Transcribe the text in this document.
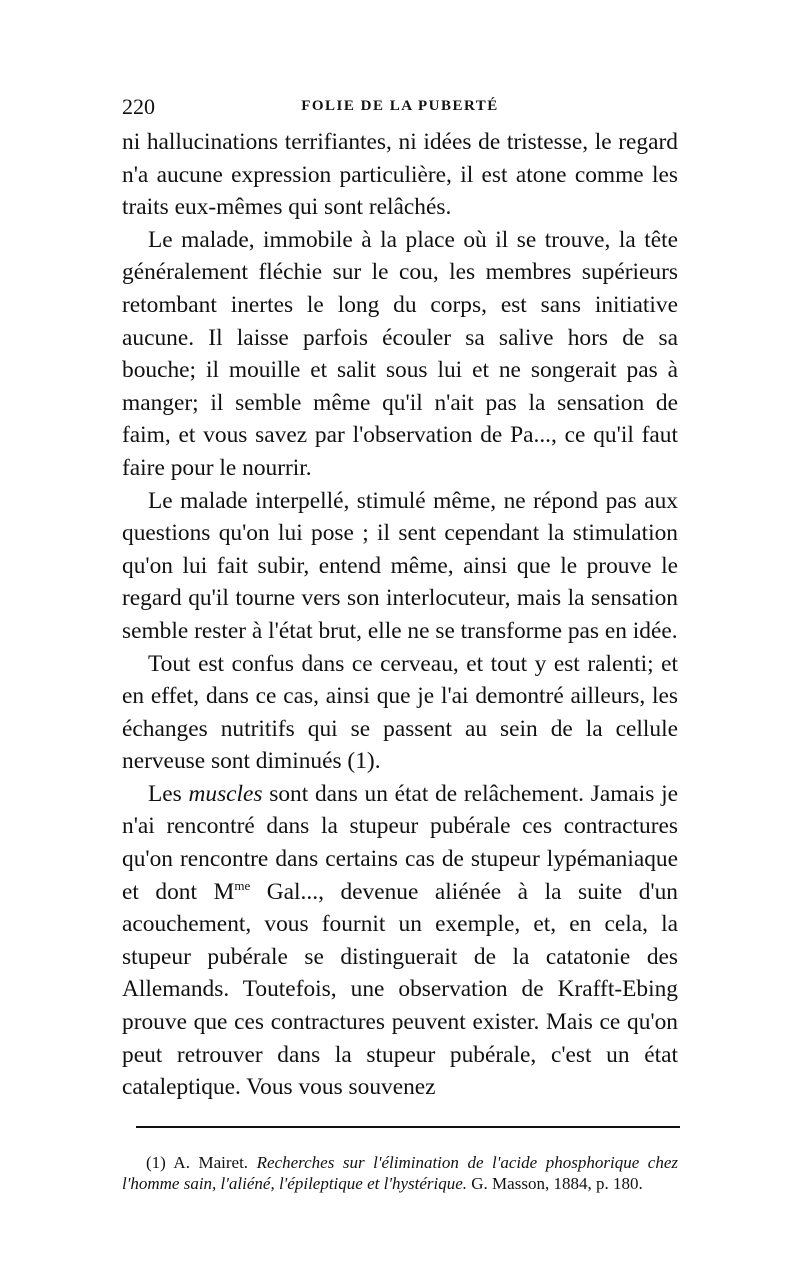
220	FOLIE DE LA PUBERTÉ

ni hallucinations terrifiantes, ni idées de tristesse, le regard n'a aucune expression particulière, il est atone comme les traits eux-mêmes qui sont relâchés.

Le malade, immobile à la place où il se trouve, la tête généralement fléchie sur le cou, les membres supérieurs retombant inertes le long du corps, est sans initiative aucune. Il laisse parfois écouler sa salive hors de sa bouche; il mouille et salit sous lui et ne songerait pas à manger; il semble même qu'il n'ait pas la sensation de faim, et vous savez par l'observation de Pa..., ce qu'il faut faire pour le nourrir.

Le malade interpellé, stimulé même, ne répond pas aux questions qu'on lui pose ; il sent cependant la stimulation qu'on lui fait subir, entend même, ainsi que le prouve le regard qu'il tourne vers son interlocuteur, mais la sensation semble rester à l'état brut, elle ne se transforme pas en idée.

Tout est confus dans ce cerveau, et tout y est ralenti; et en effet, dans ce cas, ainsi que je l'ai demontré ailleurs, les échanges nutritifs qui se passent au sein de la cellule nerveuse sont diminués (1).

Les muscles sont dans un état de relâchement. Jamais je n'ai rencontré dans la stupeur pubérale ces contractures qu'on rencontre dans certains cas de stupeur lypémaniaque et dont $M^{me}$ Gal..., devenue aliénée à la suite d'un acouchement, vous fournit un exemple, et, en cela, la stupeur pubérale se distinguerait de la catatonie des Allemands. Toutefois, une observation de Krafft-Ebing prouve que ces contractures peuvent exister. Mais ce qu'on peut retrouver dans la stupeur pubérale, c'est un état cataleptique. Vous vous souvenez

(1) A. Mairet. Recherches sur l'élimination de l'acide phosphorique chez l'homme sain, l'aliéné, l'épileptique et l'hystérique. G. Masson, 1884, p. 180.
